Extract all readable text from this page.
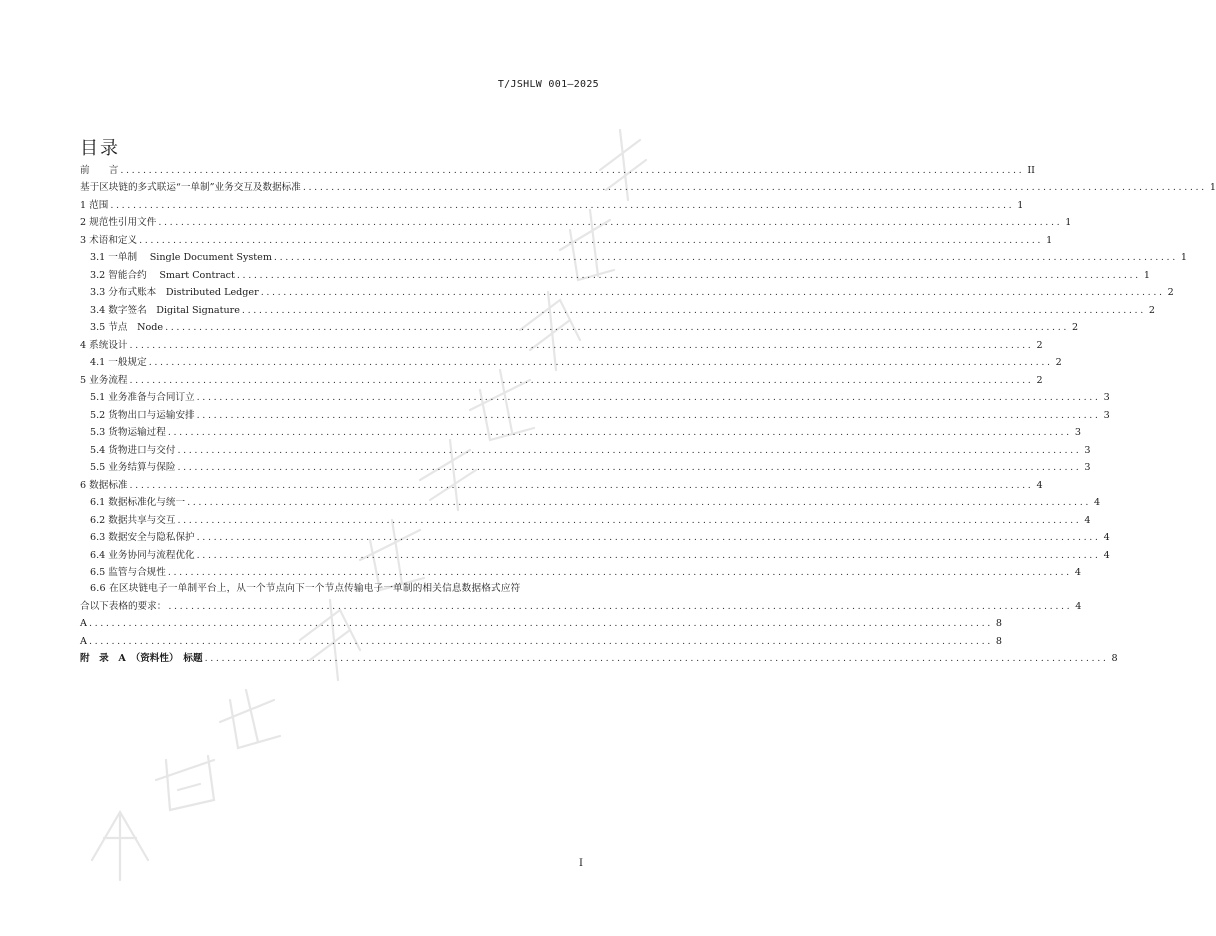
T/JSHLW 001—2025
目录
前　　言 ................................................................................................................................................................ II
基于区块链的多式联运“一单制”业务交互及数据标准 ................................................................................................................................................................ 1
1 范围 ................................................................................................................................................................ 1
2 规范性引用文件 ................................................................................................................................................................ 1
3 术语和定义 ................................................................................................................................................................ 1
3.1 一单制　 Single Document System ................................................................................................................................................................ 1
3.2 智能合约　 Smart Contract ................................................................................................................................................................ 1
3.3 分布式账本　Distributed Ledger ................................................................................................................................................................ 2
3.4 数字签名　Digital Signature ................................................................................................................................................................ 2
3.5 节点　Node ................................................................................................................................................................ 2
4 系统设计 ................................................................................................................................................................ 2
4.1 一般规定 ................................................................................................................................................................ 2
5 业务流程 ................................................................................................................................................................ 2
5.1 业务准备与合同订立 ................................................................................................................................................................ 3
5.2 货物出口与运输安排 ................................................................................................................................................................ 3
5.3 货物运输过程 ................................................................................................................................................................ 3
5.4 货物进口与交付 ................................................................................................................................................................ 3
5.5 业务结算与保险 ................................................................................................................................................................ 3
6 数据标准 ................................................................................................................................................................ 4
6.1 数据标准化与统一 ................................................................................................................................................................ 4
6.2 数据共享与交互 ................................................................................................................................................................ 4
6.3 数据安全与隐私保护 ................................................................................................................................................................ 4
6.4 业务协同与流程优化 ................................................................................................................................................................ 4
6.5 监管与合规性 ................................................................................................................................................................ 4
6.6 在区块链电子一单制平台上，从一个节点向下一个节点传输电子一单制的相关信息数据格式应符
合以下表格的要求： ................................................................................................................................................................ 4
A ................................................................................................................................................................ 8
A ................................................................................................................................................................ 8
附　录　A　（资料性）　标题 ................................................................................................................................................................ 8
I
